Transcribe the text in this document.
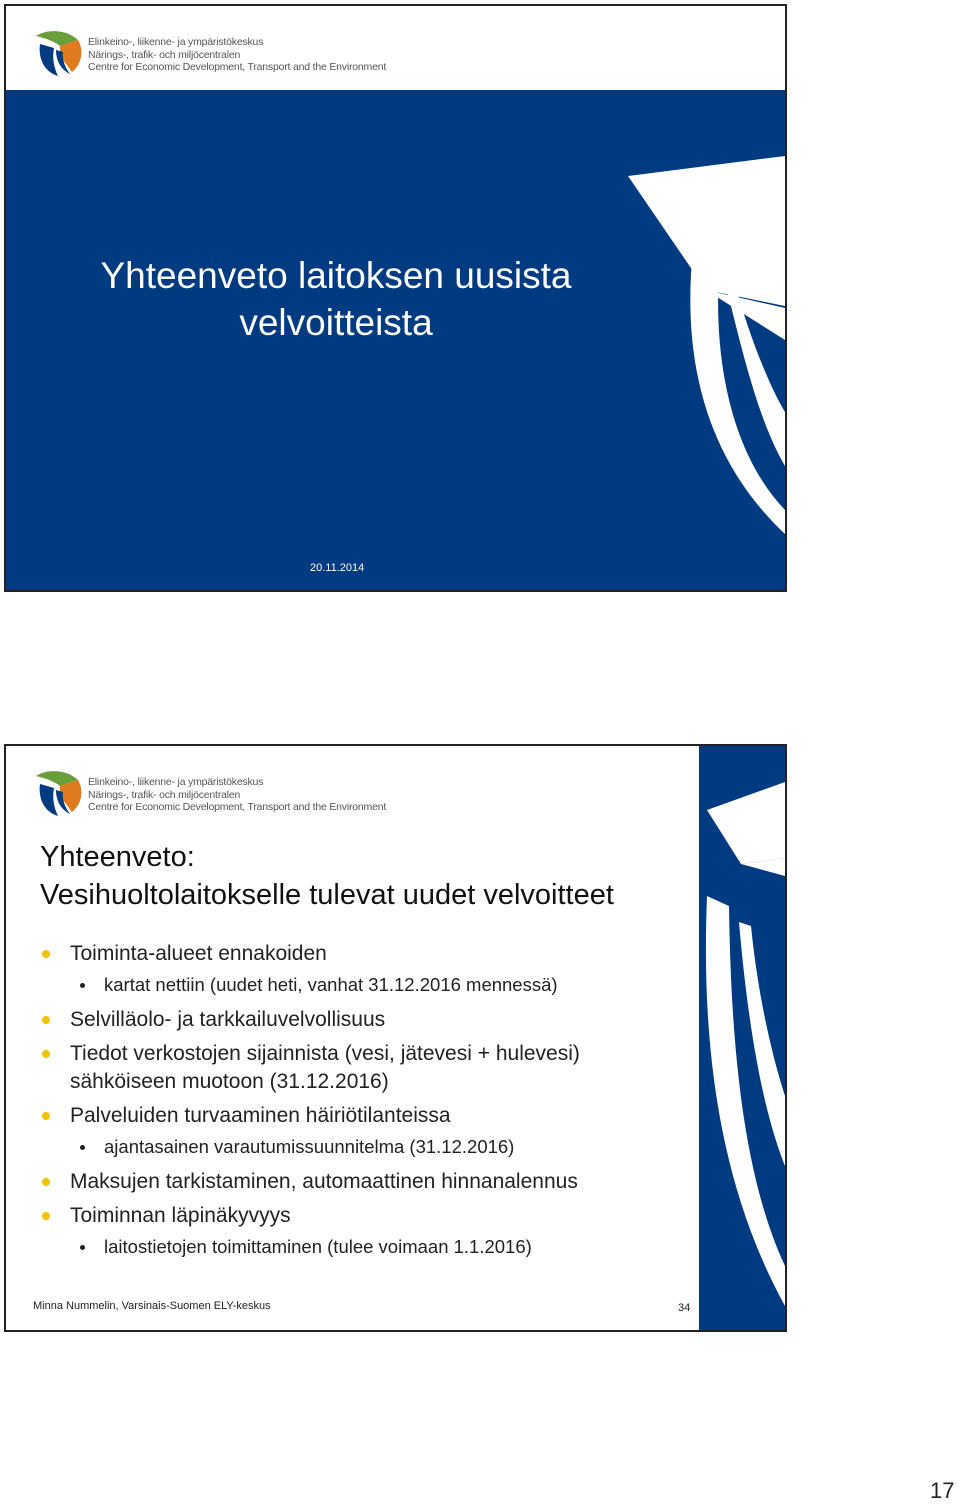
Elinkeino-, liikenne- ja ympäristökeskus
Närings-, trafik- och miljöcentralen
Centre for Economic Development, Transport and the Environment
Yhteenveto laitoksen uusista
velvoitteista
20.11.2014
Elinkeino-, liikenne- ja ympäristökeskus
Närings-, trafik- och miljöcentralen
Centre for Economic Development, Transport and the Environment
Yhteenveto:
Vesihuoltolaitokselle tulevat uudet velvoitteet
Toiminta-alueet ennakoiden
kartat nettiin (uudet heti, vanhat 31.12.2016 mennessä)
Selvilläolo- ja tarkkailuvelvollisuus
Tiedot verkostojen sijainnista (vesi, jätevesi + hulevesi)
sähköiseen muotoon (31.12.2016)
Palveluiden turvaaminen häiriötilanteissa
ajantasainen varautumissuunnitelma (31.12.2016)
Maksujen tarkistaminen, automaattinen hinnanalennus
Toiminnan läpinäkyvyys
laitostietojen toimittaminen (tulee voimaan 1.1.2016)
Minna Nummelin, Varsinais-Suomen ELY-keskus	34
17
